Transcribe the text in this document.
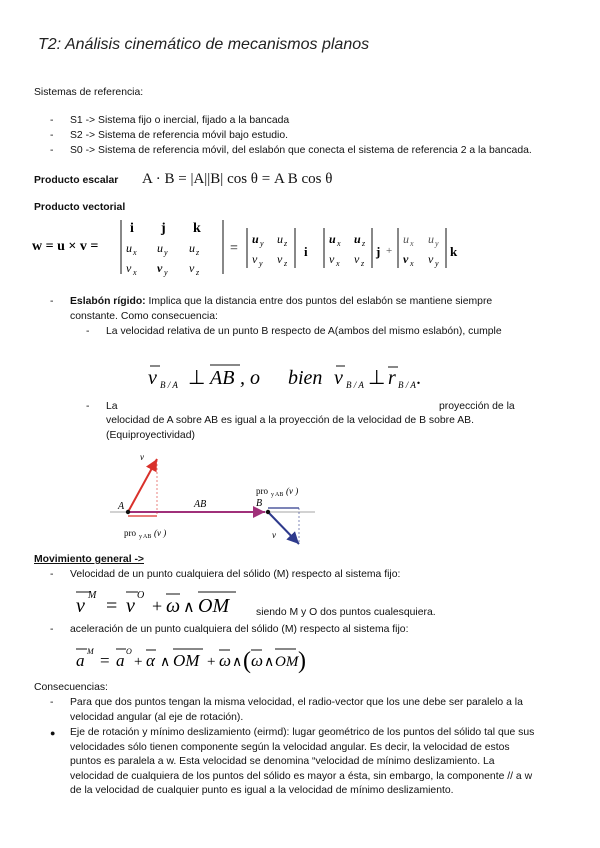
T2: Análisis cinemático de mecanismos planos
Sistemas de referencia:
- S1 -> Sistema fijo o inercial, fijado a la bancada
- S2 -> Sistema de referencia móvil bajo estudio.
- S0 -> Sistema de referencia móvil, del eslabón que conecta el sistema de referencia 2 a la bancada.
Producto escalar A · B = |A||B| cos θ = A B cos θ
Producto vectorial
w = u × v =
i j k
u x u y u z
v x v y v z
=
u y u z
v y v z
i
u x u z
v x v z
j +
u x u y
v x v y
k
- Eslabón rígido: Implica que la distancia entre dos puntos del eslabón se mantiene siempre
constante. Como consecuencia:
- La velocidad relativa de un punto B respecto de A(ambos del mismo eslabón), cumple
v B / A ⊥ AB , o bien v B / A ⊥ r B / A .
- La	proyección de la
velocidad de A sobre AB es igual a la proyección de la velocidad de B sobre AB.
(Equiproyectividad)
A	B
AB
v
v
pro y AB (v )
pro y AB (v )
Movimiento general ->
- Velocidad de un punto cualquiera del sólido (M) respecto al sistema fijo:
v M = v O
+ ω ∧ OM	siendo M y O dos puntos cualesquiera.
- aceleración de un punto cualquiera del sólido (M) respecto al sistema fijo:
a M = a O
+ α ∧ OM + ω ∧ ( ω ∧ OM )
Consecuencias:
- Para que dos puntos tengan la misma velocidad, el radio-vector que los une debe ser paralelo a la
velocidad angular (al eje de rotación).
● Eje de rotación y mínimo deslizamiento (eirmd): lugar geométrico de los puntos del sólido tal que sus
velocidades sólo tienen componente según la velocidad angular. Es decir, la velocidad de estos
puntos es paralela a w. Esta velocidad se denomina “velocidad de mínimo deslizamiento. La
velocidad de cualquiera de los puntos del sólido es mayor a ésta, sin embargo, la componente // a w
de la velocidad de cualquier punto es igual a la velocidad de mínimo deslizamiento.
